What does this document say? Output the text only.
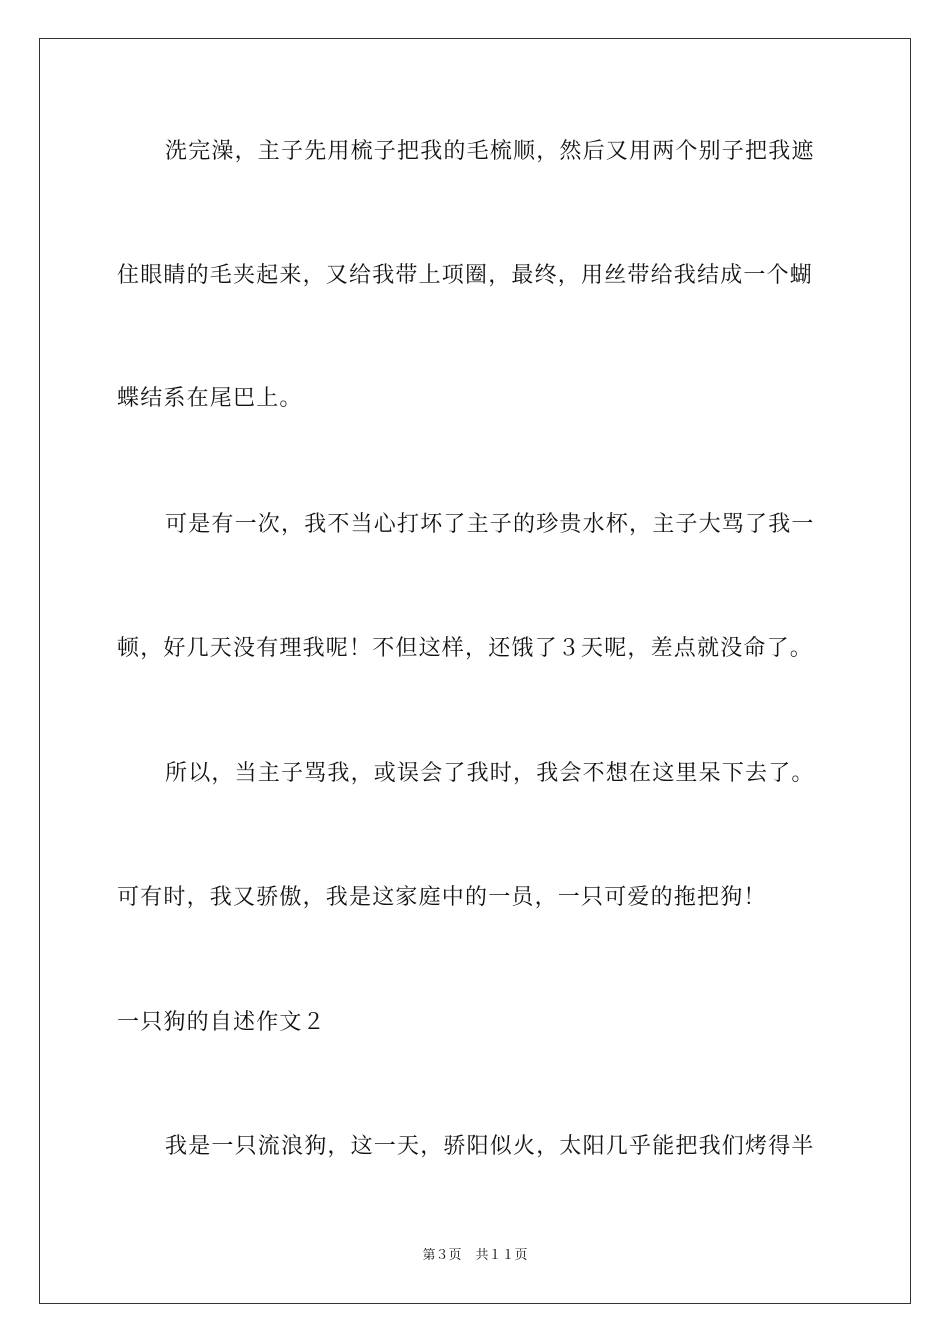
洗完澡，主子先用梳子把我的毛梳顺，然后又用两个别子把我遮
住眼睛的毛夹起来，又给我带上项圈，最终，用丝带给我结成一个蝴
蝶结系在尾巴上。
可是有一次，我不当心打坏了主子的珍贵水杯，主子大骂了我一
顿，好几天没有理我呢！不但这样，还饿了３天呢，差点就没命了。
所以，当主子骂我，或误会了我时，我会不想在这里呆下去了。
可有时，我又骄傲，我是这家庭中的一员，一只可爱的拖把狗！
一只狗的自述作文２
我是一只流浪狗，这一天，骄阳似火，太阳几乎能把我们烤得半
第３页 共１１页
